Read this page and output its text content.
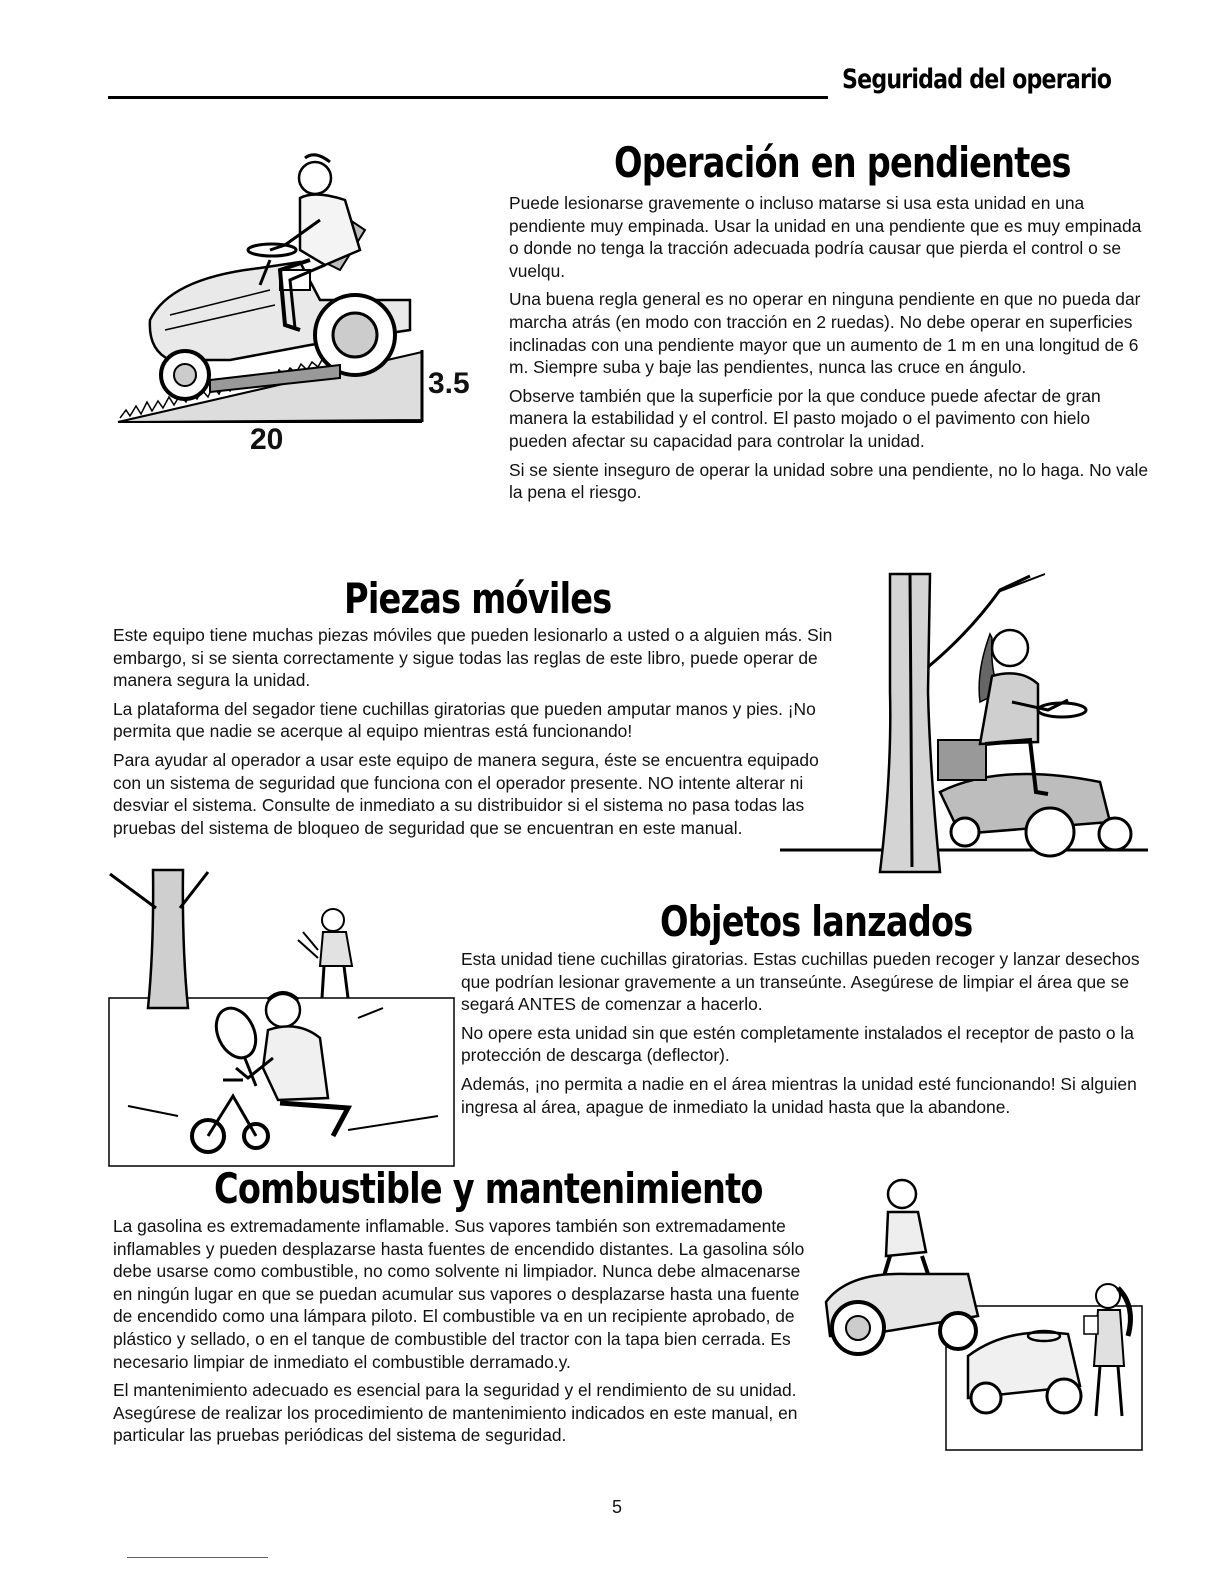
Seguridad del operario
3.5
20
Operación en pendientes

Puede lesionarse gravemente o incluso matarse si usa esta unidad en una pendiente muy empinada. Usar la unidad en una pendiente que es muy empinada o donde no tenga la tracción adecuada podría causar que pierda el control o se vuelqu.

Una buena regla general es no operar en ninguna pendiente en que no pueda dar marcha atrás (en modo con tracción en 2 ruedas). No debe operar en superficies inclinadas con una pendiente mayor que un aumento de 1 m en una longitud de 6 m. Siempre suba y baje las pendientes, nunca las cruce en ángulo.

Observe también que la superficie por la que conduce puede afectar de gran manera la estabilidad y el control. El pasto mojado o el pavimento con hielo pueden afectar su capacidad para controlar la unidad.

Si se siente inseguro de operar la unidad sobre una pendiente, no lo haga. No vale la pena el riesgo.

Piezas móviles

Este equipo tiene muchas piezas móviles que pueden lesionarlo a usted o a alguien más. Sin embargo, si se sienta correctamente y sigue todas las reglas de este libro, puede operar de manera segura la unidad.

La plataforma del segador tiene cuchillas giratorias que pueden amputar manos y pies. ¡No permita que nadie se acerque al equipo mientras está funcionando!

Para ayudar al operador a usar este equipo de manera segura, éste se encuentra equipado con un sistema de seguridad que funciona con el operador presente. NO intente alterar ni desviar el sistema. Consulte de inmediato a su distribuidor si el sistema no pasa todas las pruebas del sistema de bloqueo de seguridad que se encuentran en este manual.

Objetos lanzados

Esta unidad tiene cuchillas giratorias. Estas cuchillas pueden recoger y lanzar desechos que podrían lesionar gravemente a un transeúnte. Asegúrese de limpiar el área que se segará ANTES de comenzar a hacerlo.

No opere esta unidad sin que estén completamente instalados el receptor de pasto o la protección de descarga (deflector).

Además, ¡no permita a nadie en el área mientras la unidad esté funcionando! Si alguien ingresa al área, apague de inmediato la unidad hasta que la abandone.

Combustible y mantenimiento

La gasolina es extremadamente inflamable. Sus vapores también son extremadamente inflamables y pueden desplazarse hasta fuentes de encendido distantes. La gasolina sólo debe usarse como combustible, no como solvente ni limpiador. Nunca debe almacenarse en ningún lugar en que se puedan acumular sus vapores o desplazarse hasta una fuente de encendido como una lámpara piloto. El combustible va en un recipiente aprobado, de plástico y sellado, o en el tanque de combustible del tractor con la tapa bien cerrada. Es necesario limpiar de inmediato el combustible derramado.y.

El mantenimiento adecuado es esencial para la seguridad y el rendimiento de su unidad. Asegúrese de realizar los procedimiento de mantenimiento indicados en este manual, en particular las pruebas periódicas del sistema de seguridad.

5
